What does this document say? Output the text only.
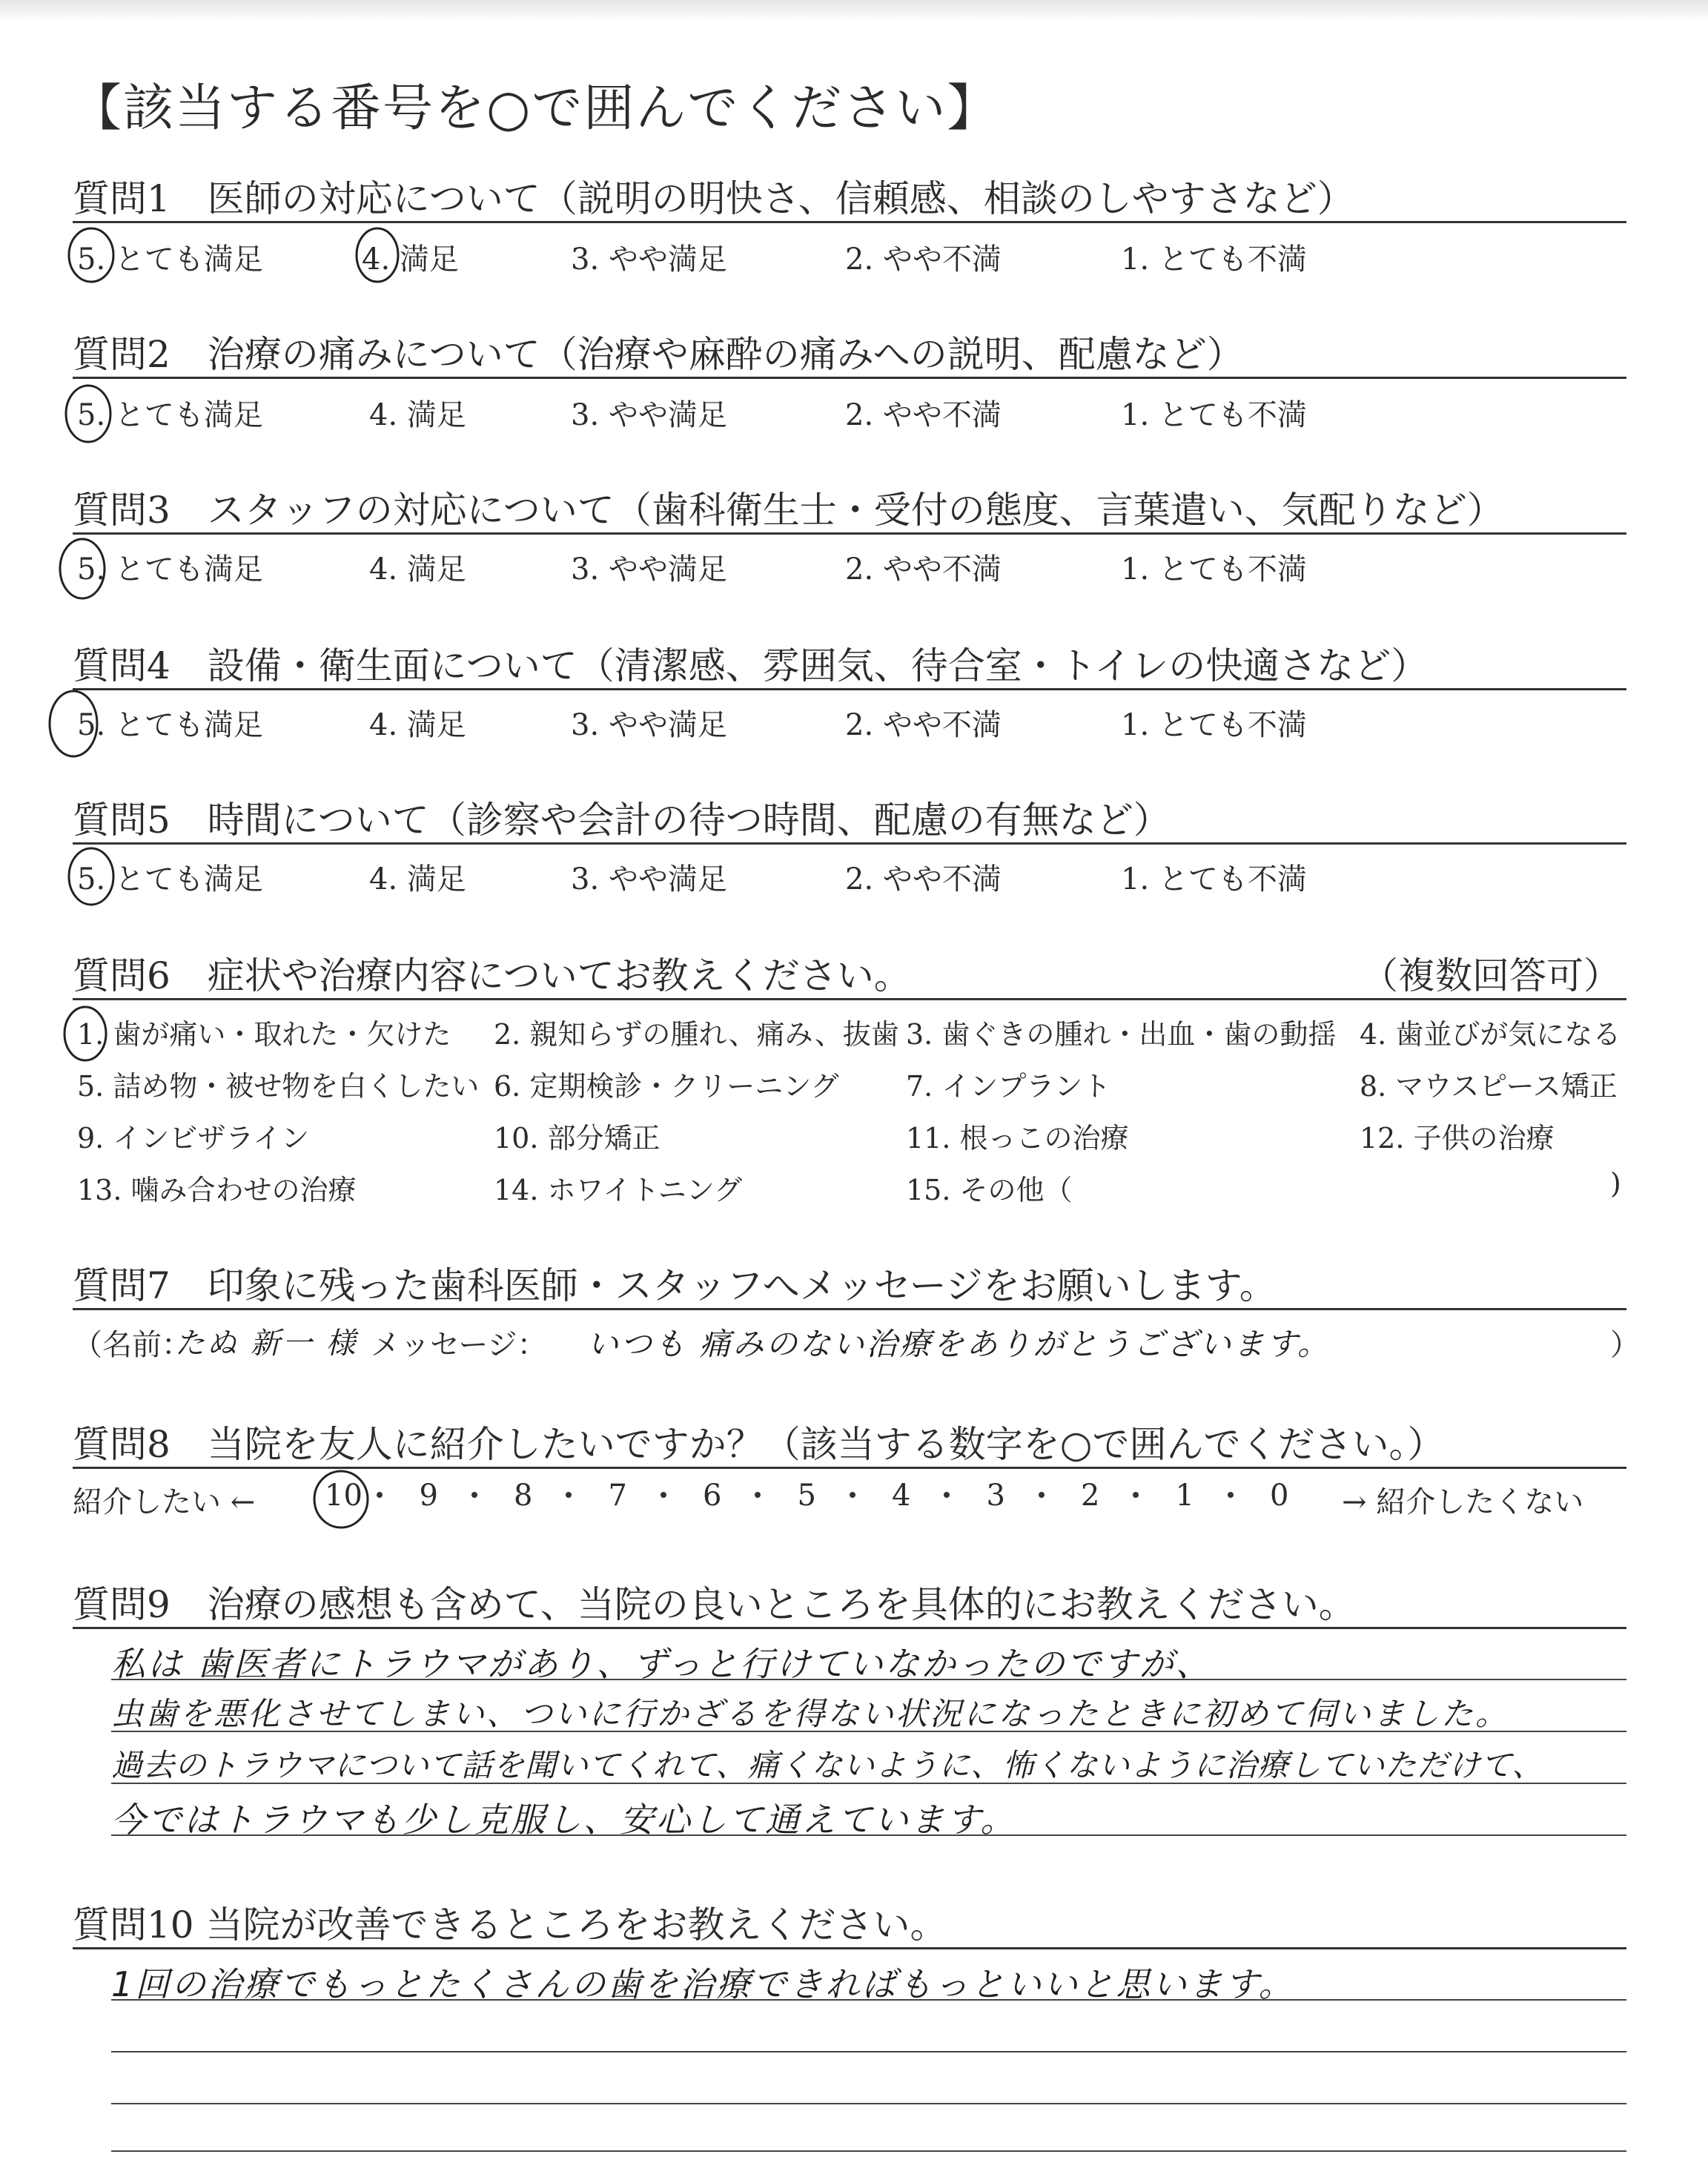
【該当する番号を○で囲んでください】
質問1　医師の対応について（説明の明快さ、信頼感、相談のしやすさなど）
5. とても満足	4. 満足	3. やや満足	2. やや不満	1. とても不満
質問2　治療の痛みについて（治療や麻酔の痛みへの説明、配慮など）
5. とても満足	4. 満足	3. やや満足	2. やや不満	1. とても不満
質問3　スタッフの対応について（歯科衛生士・受付の態度、言葉遣い、気配りなど）
5. とても満足	4. 満足	3. やや満足	2. やや不満	1. とても不満
質問4　設備・衛生面について（清潔感、雰囲気、待合室・トイレの快適さなど）
5. とても満足	4. 満足	3. やや満足	2. やや不満	1. とても不満
質問5　時間について（診察や会計の待つ時間、配慮の有無など）
5. とても満足	4. 満足	3. やや満足	2. やや不満	1. とても不満
質問6　症状や治療内容についてお教えください。	（複数回答可）
1. 歯が痛い・取れた・欠けた 2. 親知らずの腫れ、痛み、抜歯 3. 歯ぐきの腫れ・出血・歯の動揺 4. 歯並びが気になる
5. 詰め物・被せ物を白くしたい 6. 定期検診・クリーニング 7. インプラント	8. マウスピース矯正
9. インビザライン	10. 部分矯正	11. 根っこの治療	12. 子供の治療
13. 噛み合わせの治療	14. ホワイトニング	15. その他（	)
質問7　印象に残った歯科医師・スタッフへメッセージをお願いします。
（名前：
たぬ 新一 様 メッセージ： いつも 痛みのない治療をありがとうございます。	）
質問8　当院を友人に紹介したいですか？（該当する数字を○で囲んでください。）
紹介したい ←	→ 紹介したくない
10 9	8	7	6	5	4	3	2	1	0
質問9　治療の感想も含めて、当院の良いところを具体的にお教えください。
私は 歯医者にトラウマがあり、ずっと行けていなかったのですが、
虫歯を悪化させてしまい、ついに行かざるを得ない状況になったときに初めて伺いました。
過去のトラウマについて話を聞いてくれて、痛くないように、怖くないように治療していただけて、
今ではトラウマも少し克服し、安心して通えています。
質問10 当院が改善できるところをお教えください。
1回の治療でもっとたくさんの歯を治療できればもっといいと思います。
